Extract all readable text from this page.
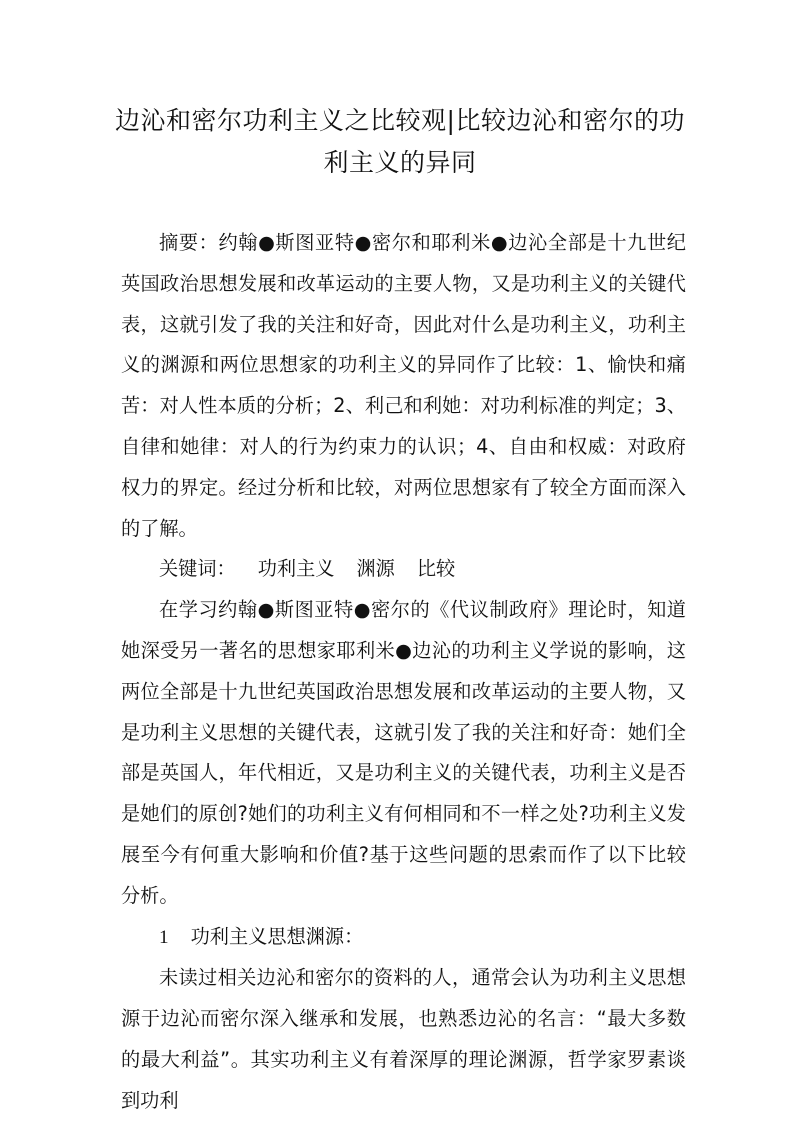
边沁和密尔功利主义之比较观|比较边沁和密尔的功利主义的异同

摘要：约翰●斯图亚特●密尔和耶利米●边沁全部是十九世纪英国政治思想发展和改革运动的主要人物，又是功利主义的关键代表，这就引发了我的关注和好奇，因此对什么是功利主义，功利主义的渊源和两位思想家的功利主义的异同作了比较：1、愉快和痛苦：对人性本质的分析；2、利己和利她：对功利标准的判定；3、自律和她律：对人的行为约束力的认识；4、自由和权威：对政府权力的界定。经过分析和比较，对两位思想家有了较全方面而深入的了解。

关键词： 功利主义 渊源 比较

在学习约翰●斯图亚特●密尔的《代议制政府》理论时，知道她深受另一著名的思想家耶利米●边沁的功利主义学说的影响，这两位全部是十九世纪英国政治思想发展和改革运动的主要人物，又是功利主义思想的关键代表，这就引发了我的关注和好奇：她们全部是英国人，年代相近，又是功利主义的关键代表，功利主义是否是她们的原创?她们的功利主义有何相同和不一样之处?功利主义发展至今有何重大影响和价值?基于这些问题的思索而作了以下比较分析。

1 功利主义思想渊源：

未读过相关边沁和密尔的资料的人，通常会认为功利主义思想源于边沁而密尔深入继承和发展，也熟悉边沁的名言：“最大多数的最大利益”。其实功利主义有着深厚的理论渊源，哲学家罗素谈到功利
